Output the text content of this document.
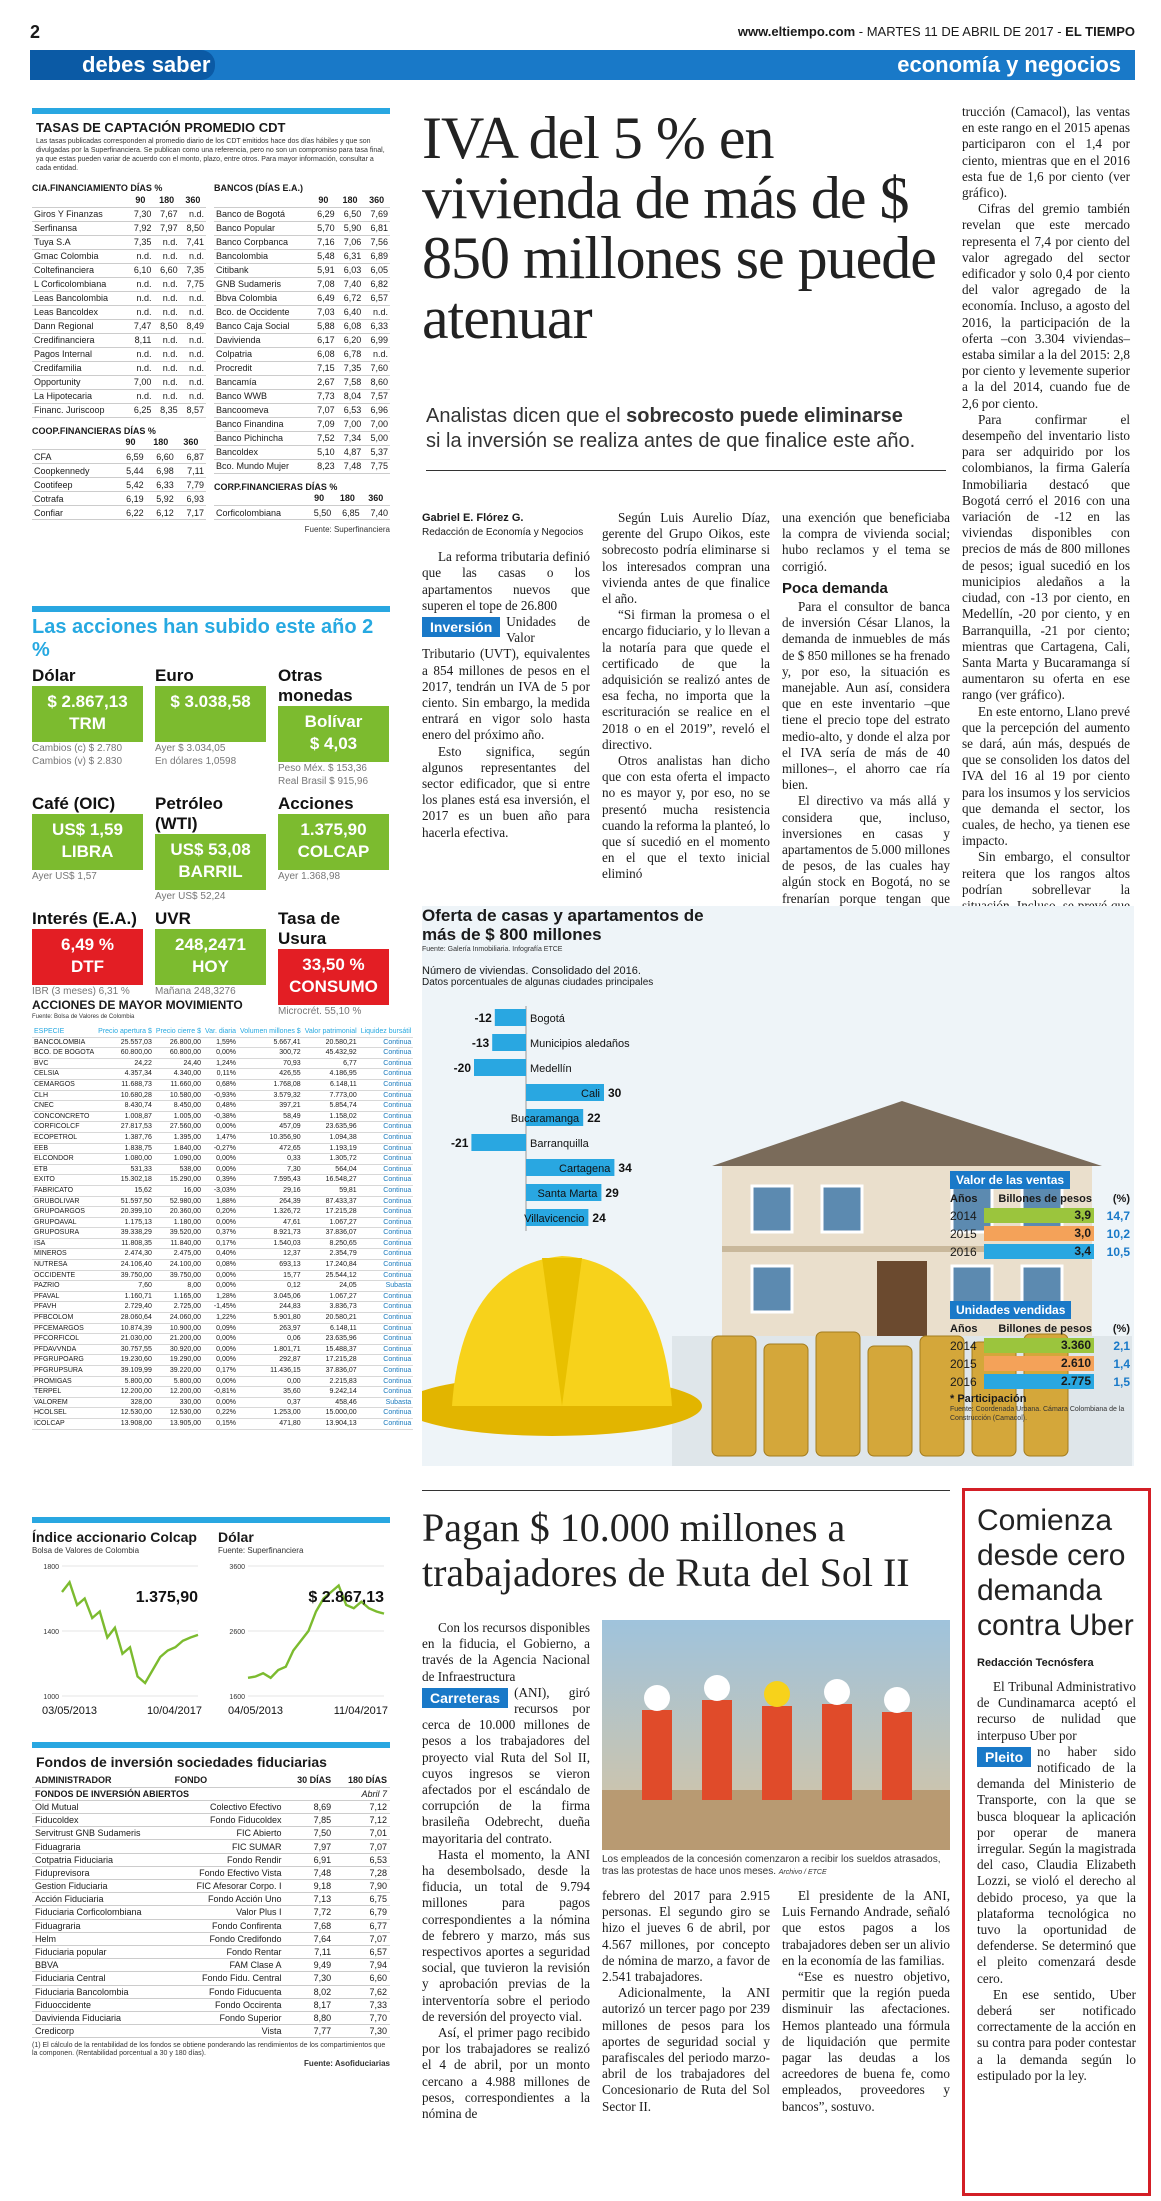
2	www.eltiempo.com - MARTES 11 DE ABRIL DE 2017 - EL TIEMPO
debes saber	economía y negocios
TASAS DE CAPTACIÓN PROMEDIO CDT
Las tasas publicadas corresponden al promedio diario de los CDT emitidos hace dos días hábiles y que son divulgadas por la Superfinanciera. Se publican como una referencia, pero no son un compromiso para tasa final, ya que estas pueden variar de acuerdo con el monto, plazo, entre otros. Para mayor información, consultar a cada entidad.
CIA.FINANCIAMIENTO DÍAS %
	90	180	360
Giros Y Finanzas	7,30	7,67	n.d.
Serfinansa	7,92	7,97	8,50
Tuya S.A	7,35	n.d.	7,41
Gmac Colombia	n.d.	n.d.	n.d.
Coltefinanciera	6,10	6,60	7,35
L Corficolombiana	n.d.	n.d.	7,75
Leas Bancolombia	n.d.	n.d.	n.d.
Leas Bancoldex	n.d.	n.d.	n.d.
Dann Regional	7,47	8,50	8,49
Credifinanciera	8,11	n.d.	n.d.
Pagos Internal	n.d.	n.d.	n.d.
Credifamilia	n.d.	n.d.	n.d.
Opportunity	7,00	n.d.	n.d.
La Hipotecaria	n.d.	n.d.	n.d.
Financ. Juriscoop	6,25	8,35	8,57
COOP.FINANCIERAS DÍAS %
	90	180	360
CFA	6,59	6,60	6,87
Coopkennedy	5,44	6,98	7,11
Cootifeep	5,42	6,33	7,79
Cotrafa	6,19	5,92	6,93
Confiar	6,22	6,12	7,17
BANCOS (DÍAS E.A.)
	90	180	360
Banco de Bogotá	6,29	6,50	7,69
Banco Popular	5,70	5,90	6,81
Banco Corpbanca	7,16	7,06	7,56
Bancolombia	5,48	6,31	6,89
Citibank	5,91	6,03	6,05
GNB Sudameris	7,08	7,40	6,82
Bbva Colombia	6,49	6,72	6,57
Bco. de Occidente	7,03	6,40	n.d.
Banco Caja Social	5,88	6,08	6,33
Davivienda	6,17	6,20	6,99
Colpatria	6,08	6,78	n.d.
Procredit	7,15	7,35	7,60
Bancamía	2,67	7,58	8,60
Banco WWB	7,73	8,04	7,57
Bancoomeva	7,07	6,53	6,96
Banco Finandina	7,09	7,00	7,00
Banco Pichincha	7,52	7,34	5,00
Bancoldex	5,10	4,87	5,37
Bco. Mundo Mujer	8,23	7,48	7,75
CORP.FINANCIERAS DÍAS %
	90	180	360
Corficolombiana	5,50	6,85	7,40
Fuente: Superfinanciera
Las acciones han subido este año 2 %
Dólar
$ 2.867,13
TRM
Cambios (c) $ 2.780
Cambios (v) $ 2.830
Euro
$ 3.038,58
Ayer $ 3.034,05
En dólares 1,0598
Otras monedas
Bolívar
$ 4,03
Peso Méx. $ 153,36
Real Brasil $ 915,96
Café (OIC)
US$ 1,59
LIBRA
Ayer US$ 1,57
Petróleo (WTI)
US$ 53,08
BARRIL
Ayer US$ 52,24
Acciones
1.375,90
COLCAP
Ayer 1.368,98
Interés (E.A.)
6,49 %
DTF
IBR (3 meses) 6,31 %
UVR
248,2471
HOY
Mañana 248,3276
Tasa de Usura
33,50 %
CONSUMO
Microcrét. 55,10 %
ACCIONES DE MAYOR MOVIMIENTO
Fuente: Bolsa de Valores de Colombia
ESPECIE	Precio apertura $	Precio cierre $	Var. diaria	Volumen millones $	Valor patrimonial	Liquidez bursátil
BANCOLOMBIA	25.557,03	26.800,00	1,59%	5.667,41	20.580,21	Continua
BCO. DE BOGOTA	60.800,00	60.800,00	0,00%	300,72	45.432,92	Continua
BVC	24,22	24,40	1,24%	70,93	6,77	Continua
CELSIA	4.357,34	4.340,00	0,11%	426,55	4.186,95	Continua
CEMARGOS	11.688,73	11.660,00	0,68%	1.768,08	6.148,11	Continua
CLH	10.680,28	10.580,00	-0,93%	3.579,32	7.773,00	Continua
CNEC	8.430,74	8.450,00	0,48%	397,21	5.854,74	Continua
CONCONCRETO	1.008,87	1.005,00	-0,38%	58,49	1.158,02	Continua
CORFICOLCF	27.817,53	27.560,00	0,00%	457,09	23.635,96	Continua
ECOPETROL	1.387,76	1.395,00	1,47%	10.356,90	1.094,38	Continua
EEB	1.838,75	1.840,00	-0,27%	472,65	1.193,19	Continua
ELCONDOR	1.080,00	1.090,00	0,00%	0,33	1.305,72	Continua
ETB	531,33	538,00	0,00%	7,30	564,04	Continua
EXITO	15.302,18	15.290,00	0,39%	7.595,43	16.548,27	Continua
FABRICATO	15,62	16,00	-3,03%	29,16	59,81	Continua
GRUBOLIVAR	51.597,50	52.980,00	1,88%	264,39	87.433,37	Continua
GRUPOARGOS	20.399,10	20.360,00	0,20%	1.326,72	17.215,28	Continua
GRUPOAVAL	1.175,13	1.180,00	0,00%	47,61	1.067,27	Continua
GRUPOSURA	39.338,29	39.520,00	0,37%	8.921,73	37.836,07	Continua
ISA	11.808,35	11.840,00	0,17%	1.540,03	8.250,65	Continua
MINEROS	2.474,30	2.475,00	0,40%	12,37	2.354,79	Continua
NUTRESA	24.106,40	24.100,00	0,08%	693,13	17.240,84	Continua
OCCIDENTE	39.750,00	39.750,00	0,00%	15,77	25.544,12	Continua
PAZRIO	7,60	8,00	0,00%	0,12	24,05	Subasta
PFAVAL	1.160,71	1.165,00	1,28%	3.045,06	1.067,27	Continua
PFAVH	2.729,40	2.725,00	-1,45%	244,83	3.836,73	Continua
PFBCOLOM	28.060,64	24.060,00	1,22%	5.901,80	20.580,21	Continua
PFCEMARGOS	10.874,39	10.900,00	0,09%	263,97	6.148,11	Continua
PFCORFICOL	21.030,00	21.200,00	0,00%	0,06	23.635,96	Continua
PFDAVVNDA	30.757,55	30.920,00	0,00%	1.801,71	15.488,37	Continua
PFGRUPOARG	19.230,60	19.290,00	0,00%	292,87	17.215,28	Continua
PFGRUPSURA	39.109,99	39.220,00	0,17%	11.436,15	37.836,07	Continua
PROMIGAS	5.800,00	5.800,00	0,00%	0,00	2.215,83	Continua
TERPEL	12.200,00	12.200,00	-0,81%	35,60	9.242,14	Continua
VALOREM	328,00	330,00	0,00%	0,37	458,46	Subasta
HCOLSEL	12.530,00	12.530,00	0,22%	1.253,00	15.000,00	Continua
ICOLCAP	13.908,00	13.905,00	0,15%	471,80	13.904,13	Continua
Índice accionario Colcap
Bolsa de Valores de Colombia
1800
1400
1000
1.375,90
03/05/2013	10/04/2017
Dólar
Fuente: Superfinanciera
3600
2600
1600
$ 2.867,13
04/05/2013	11/04/2017
Fondos de inversión sociedades fiduciarias
ADMINISTRADOR	FONDO	30 DÍAS	180 DÍAS
FONDOS DE INVERSIÓN ABIERTOS			Abril 7
Old Mutual	Colectivo Efectivo	8,69	7,12
Fiducoldex	Fondo Fiducoldex	7,85	7,12
Servitrust GNB Sudameris	FIC Abierto	7,50	7,01
Fiduagraria	FIC SUMAR	7,97	7,07
Cotpatria Fiduciaria	Fondo Rendir	6,91	6,53
Fiduprevisora	Fondo Efectivo Vista	7,48	7,28
Gestion Fiduciaria	FIC Afesorar Corpo. I	9,18	7,90
Acción Fiduciaria	Fondo Acción Uno	7,13	6,75
Fiduciaria Corficolombiana	Valor Plus I	7,72	6,79
Fiduagraria	Fondo Confirenta	7,68	6,77
Helm	Fondo Credifondo	7,64	7,07
Fiduciaria popular	Fondo Rentar	7,11	6,57
BBVA	FAM Clase A	9,49	7,94
Fiduciaria Central	Fondo Fidu. Central	7,30	6,60
Fiduciaria Bancolombia	Fondo Fiducuenta	8,02	7,62
Fiduoccidente	Fondo Occirenta	8,17	7,33
Davivienda Fiduciaria	Fondo Superior	8,80	7,70
Credicorp	Vista	7,77	7,30
(1) El cálculo de la rentabilidad de los fondos se obtiene ponderando las rendimientos de los compartimientos que la componen. (Rentabilidad porcentual a 30 y 180 días).
Fuente: Asofiduciarias
IVA del 5 % en vivienda de más de $ 850 millones se puede atenuar
Analistas dicen que el sobrecosto puede eliminarse
si la inversión se realiza antes de que finalice este año.
Gabriel E. Flórez G.
Redacción de Economía y Negocios

La reforma tributaria definió que las casas o los apartamentos nuevos que superen el tope de 26.800

Inversión	Unidades de Valor Tributario (UVT), equivalentes a 854 millones de pesos en el 2017, tendrán un IVA de 5 por ciento. Sin embargo, la medida entrará en vigor solo hasta enero del próximo año.

Esto significa, según algunos representantes del sector edificador, que si entre los planes está esa inversión, el 2017 es un buen año para hacerla efectiva.

Según Luis Aurelio Díaz, gerente del Grupo Oikos, este sobrecosto podría eliminarse si los interesados compran una vivienda antes de que finalice el año.

“Si firman la promesa o el encargo fiduciario, y lo llevan a la notaría para que quede el certificado de que la adquisición se realizó antes de esa fecha, no importa que la escrituración se realice en el 2018 o en el 2019”, reveló el directivo.

Otros analistas han dicho que con esta oferta el impacto no es mayor y, por eso, no se presentó mucha resistencia cuando la reforma la planteó, lo que sí sucedió en el momento en el que el texto inicial eliminó

una exención que beneficiaba la compra de vivienda social; hubo reclamos y el tema se corrigió.

Poca demanda

Para el consultor de banca de inversión César Llanos, la demanda de inmuebles de más de $ 850 millones se ha frenado y, por eso, la situación es manejable. Aun así, considera que en este inventario –que tiene el precio tope del estrato medio-alto, y donde el alza por el IVA sería de más de 40 millones–, el ahorro cae ría bien.

El directivo va más allá y considera que, incluso, inversiones en casas y apartamentos de 5.000 millones de pesos, de las cuales hay algún stock en Bogotá, no se frenarían porque tengan que

trucción (Camacol), las ventas en este rango en el 2015 apenas participaron con el 1,4 por ciento, mientras que en el 2016 esta fue de 1,6 por ciento (ver gráfico).

Cifras del gremio también revelan que este mercado representa el 7,4 por ciento del valor agregado del sector edificador y solo 0,4 por ciento del valor agregado de la economía. Incluso, a agosto del 2016, la participación de la oferta –con 3.304 viviendas– estaba similar a la del 2015: 2,8 por ciento y levemente superior a la del 2014, cuando fue de 2,6 por ciento.

Para confirmar el desempeño del inventario listo para ser adquirido por los colombianos, la firma Galería Inmobiliaria destacó que Bogotá cerró el 2016 con una variación de -12 en las viviendas disponibles con precios de más de 800 millones de pesos; igual sucedió en los municipios aledaños a la ciudad, con -13 por ciento, en Medellín, -20 por ciento, y en Barranquilla, -21 por ciento; mientras que Cartagena, Cali, Santa Marta y Bucaramanga sí aumentaron su oferta en ese rango (ver gráfico).

En este entorno, Llano prevé que la percepción del aumento se dará, aún más, después de que se consoliden los datos del IVA del 16 al 19 por ciento para los insumos y los servicios que demanda el sector, los cuales, de hecho, ya tienen ese impacto.

Sin embargo, el consultor reitera que los rangos altos podrían sobrellevar la

Oferta de casas y apartamentos de más de $ 800 millones
Fuente: Galería Inmobiliaria. Infografía ETCE
Número de viviendas. Consolidado del 2016.
Datos porcentuales de algunas ciudades principales
-12	Bogotá
-13	Municipios aledaños
-20	Medellín
30
Cali
22
Bucaramanga
-21	Barranquilla
34
Cartagena
29
Santa Marta
24
Villavicencio
Valor de las ventas
Años Billones de pesos (%)
2014	3,9	14,7
2015	3,0	10,2
2016	3,4	10,5
Unidades vendidas
Años Billones de pesos (%)
2014	3.360	2,1
2015	2.610	1,4
2016	2.775	1,5
* Participación
Fuente: Coordenada Urbana. Cámara Colombiana de la Construcción (Camacol).
Pagan $ 10.000 millones a trabajadores de Ruta del Sol II

Con los recursos disponibles en la fiducia, el Gobierno, a través de la Agencia Nacional de Infraestructura

Carreteras	(ANI), giró recursos por cerca de 10.000 millones de pesos a los trabajadores del proyecto vial Ruta del Sol II, cuyos ingresos se vieron afectados por el escándalo de corrupción de la firma brasileña Odebrecht, dueña mayoritaria del contrato.

Hasta el momento, la ANI ha desembolsado, desde la fiducia, un total de 9.794 millones para pagos correspondientes a la nómina de febrero y marzo, más sus respectivos aportes a seguridad social, que tuvieron la revisión y aprobación previas de la interventoría sobre el periodo de reversión del proyecto vial.

Así, el primer pago recibido por los trabajadores se realizó el 4 de abril, por un monto cercano a 4.988 millones de pesos, correspondientes a la nómina de

Los empleados de la concesión comenzaron a recibir los sueldos atrasados, tras las protestas de hace unos meses. Archivo / ETCE

febrero del 2017 para 2.915 personas. El segundo giro se hizo el jueves 6 de abril, por 4.567 millones, por concepto de nómina de marzo, a favor de 2.541 trabajadores.

Adicionalmente, la ANI autorizó un tercer pago por 239 millones de pesos para los aportes de seguridad social y parafiscales del periodo marzo-abril de los trabajadores del Concesionario de Ruta del Sol Sector II.

El presidente de la ANI, Luis Fernando Andrade, señaló que estos pagos a los trabajadores deben ser un alivio en la economía de las familias.

“Ese es nuestro objetivo, permitir que la región pueda disminuir las afectaciones. Hemos planteado una fórmula de liquidación que permite pagar las deudas a los acreedores de buena fe, como empleados, proveedores y bancos”, sostuvo.

Comienza desde cero demanda contra Uber
Redacción Tecnósfera

El Tribunal Administrativo de Cundinamarca aceptó el recurso de nulidad que interpuso Uber por

Pleito	no haber sido notificado de la demanda del Ministerio de Transporte, con la que se busca bloquear la aplicación por operar de manera irregular. Según la magistrada del caso, Claudia Elizabeth Lozzi, se violó el derecho al debido proceso, ya que la plataforma tecnológica no tuvo la oportunidad de defenderse. Se determinó que el pleito comenzará desde cero.

En ese sentido, Uber deberá ser notificado correctamente de la acción en su contra para poder contestar a la demanda según lo estipulado por la ley.
